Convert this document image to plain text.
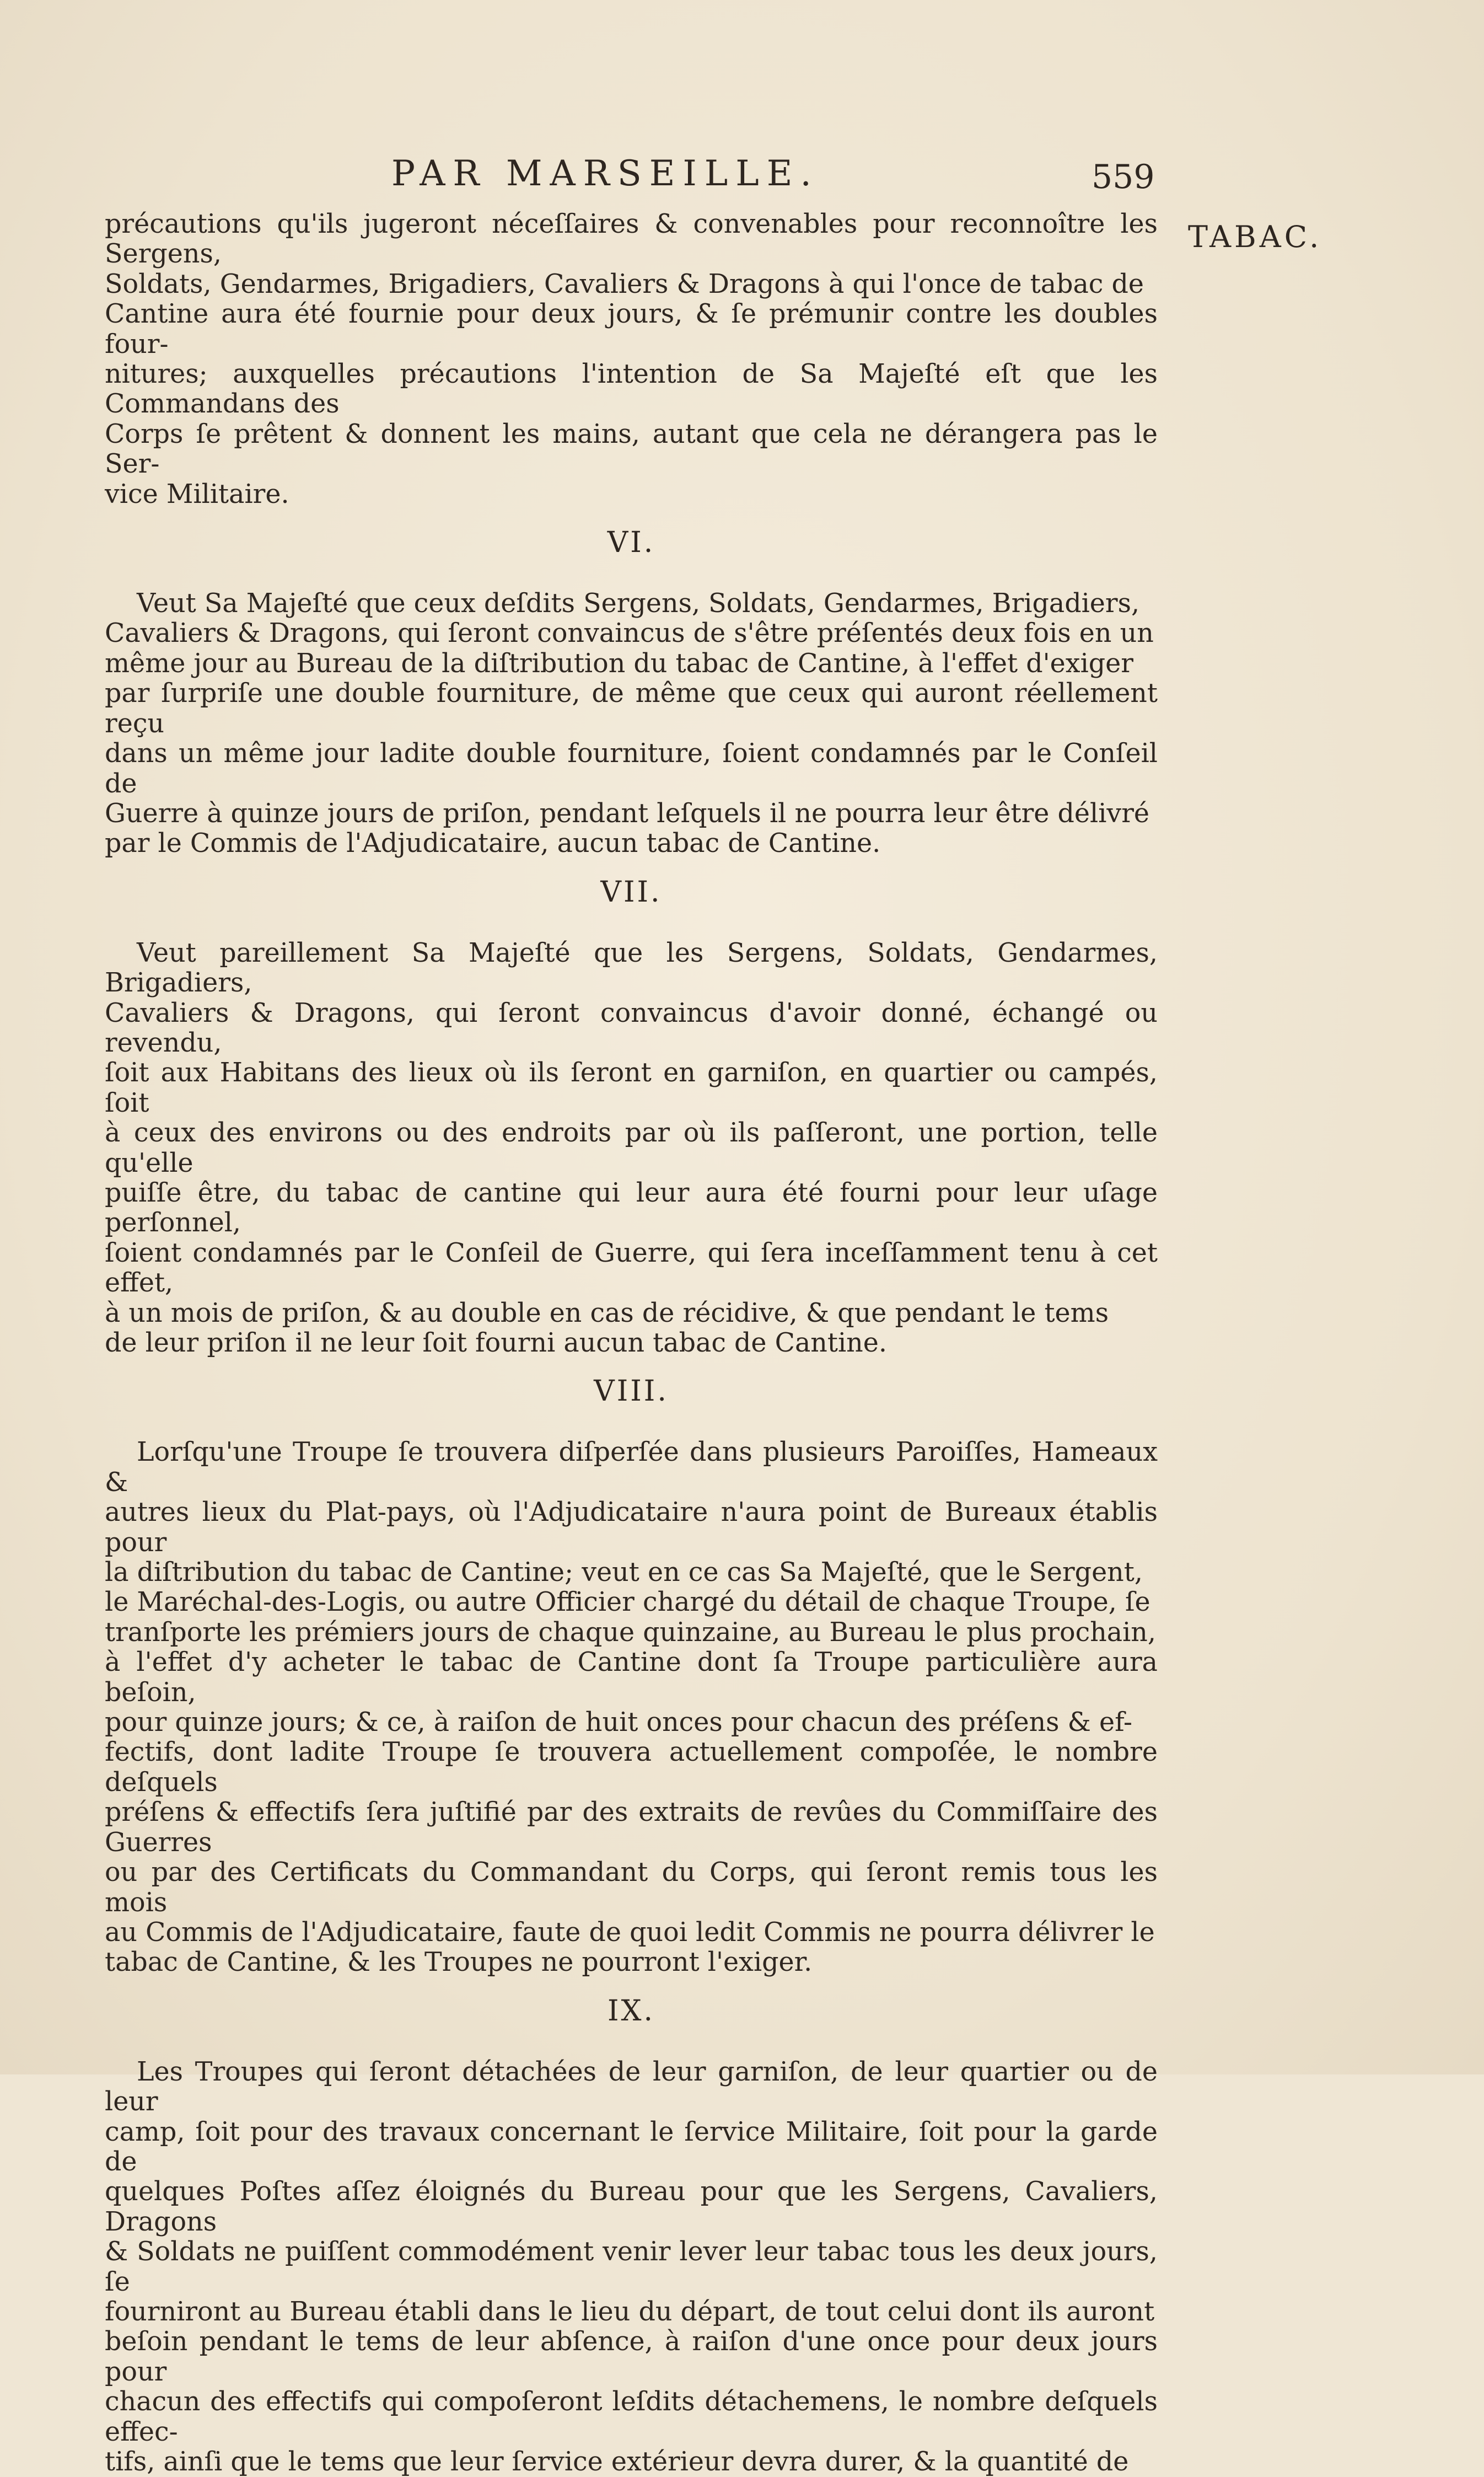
PAR MARSEILLE.	559
TABAC.

précautions qu'ils jugeront néceſſaires & convenables pour reconnoître les Sergens,
Soldats, Gendarmes, Brigadiers, Cavaliers & Dragons à qui l'once de tabac de
Cantine aura été fournie pour deux jours, & ſe prémunir contre les doubles four-
nitures; auxquelles précautions l'intention de Sa Majeſté eſt que les Commandans des
Corps ſe prêtent & donnent les mains, autant que cela ne dérangera pas le Ser-
vice Militaire.

VI.

Veut Sa Majeſté que ceux deſdits Sergens, Soldats, Gendarmes, Brigadiers,
Cavaliers & Dragons, qui ſeront convaincus de s'être préſentés deux fois en un
même jour au Bureau de la diſtribution du tabac de Cantine, à l'effet d'exiger
par ſurpriſe une double fourniture, de même que ceux qui auront réellement reçu
dans un même jour ladite double fourniture, ſoient condamnés par le Conſeil de
Guerre à quinze jours de priſon, pendant leſquels il ne pourra leur être délivré
par le Commis de l'Adjudicataire, aucun tabac de Cantine.

VII.

Veut pareillement Sa Majeſté que les Sergens, Soldats, Gendarmes, Brigadiers,
Cavaliers & Dragons, qui ſeront convaincus d'avoir donné, échangé ou revendu,
ſoit aux Habitans des lieux où ils ſeront en garniſon, en quartier ou campés, ſoit
à ceux des environs ou des endroits par où ils paſſeront, une portion, telle qu'elle
puiſſe être, du tabac de cantine qui leur aura été fourni pour leur uſage perſonnel,
ſoient condamnés par le Conſeil de Guerre, qui ſera inceſſamment tenu à cet effet,
à un mois de priſon, & au double en cas de récidive, & que pendant le tems
de leur priſon il ne leur ſoit fourni aucun tabac de Cantine.

VIII.

Lorſqu'une Troupe ſe trouvera diſperſée dans plusieurs Paroiſſes, Hameaux &
autres lieux du Plat-pays, où l'Adjudicataire n'aura point de Bureaux établis pour
la diſtribution du tabac de Cantine; veut en ce cas Sa Majeſté, que le Sergent,
le Maréchal-des-Logis, ou autre Officier chargé du détail de chaque Troupe, ſe
tranſporte les prémiers jours de chaque quinzaine, au Bureau le plus prochain,
à l'effet d'y acheter le tabac de Cantine dont ſa Troupe particulière aura beſoin,
pour quinze jours; & ce, à raiſon de huit onces pour chacun des préſens & ef-
fectifs, dont ladite Troupe ſe trouvera actuellement compoſée, le nombre deſquels
préſens & effectifs ſera juſtifié par des extraits de revûes du Commiſſaire des Guerres
ou par des Certificats du Commandant du Corps, qui ſeront remis tous les mois
au Commis de l'Adjudicataire, faute de quoi ledit Commis ne pourra délivrer le
tabac de Cantine, & les Troupes ne pourront l'exiger.

IX.

Les Troupes qui ſeront détachées de leur garniſon, de leur quartier ou de leur
camp, ſoit pour des travaux concernant le ſervice Militaire, ſoit pour la garde de
quelques Poſtes aſſez éloignés du Bureau pour que les Sergens, Cavaliers, Dragons
& Soldats ne puiſſent commodément venir lever leur tabac tous les deux jours, ſe
fourniront au Bureau établi dans le lieu du départ, de tout celui dont ils auront
beſoin pendant le tems de leur abſence, à raiſon d'une once pour deux jours pour
chacun des effectifs qui compoſeront leſdits détachemens, le nombre deſquels effec-
tifs, ainſi que le tems que leur ſervice extérieur devra durer, & la quantité de
